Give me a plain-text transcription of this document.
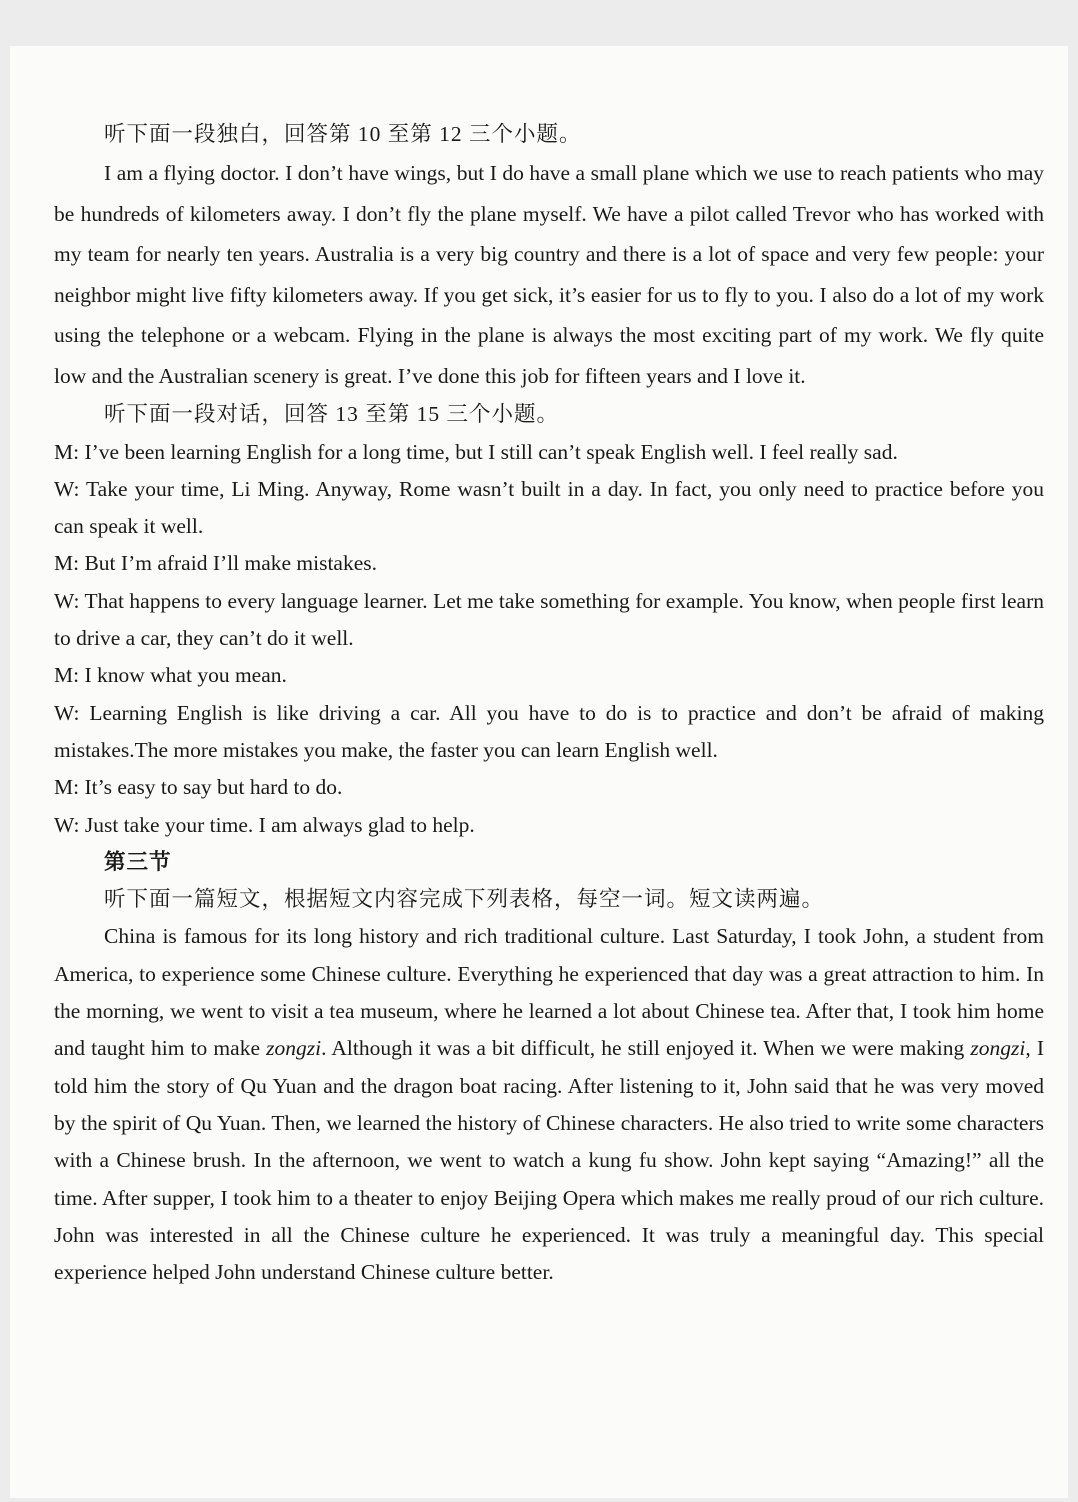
听下面一段独白，回答第 10 至第 12 三个小题。

I am a flying doctor. I don’t have wings, but I do have a small plane which we use to reach patients who may be hundreds of kilometers away. I don’t fly the plane myself. We have a pilot called Trevor who has worked with my team for nearly ten years. Australia is a very big country and there is a lot of space and very few people: your neighbor might live fifty kilometers away. If you get sick, it’s easier for us to fly to you. I also do a lot of my work using the telephone or a webcam. Flying in the plane is always the most exciting part of my work. We fly quite low and the Australian scenery is great. I’ve done this job for fifteen years and I love it.

听下面一段对话，回答 13 至第 15 三个小题。

M: I’ve been learning English for a long time, but I still can’t speak English well. I feel really sad.

W: Take your time, Li Ming. Anyway, Rome wasn’t built in a day. In fact, you only need to practice before you can speak it well.

M: But I’m afraid I’ll make mistakes.

W: That happens to every language learner. Let me take something for example. You know, when people first learn to drive a car, they can’t do it well.

M: I know what you mean.

W: Learning English is like driving a car. All you have to do is to practice and don’t be afraid of making mistakes.The more mistakes you make, the faster you can learn English well.

M: It’s easy to say but hard to do.

W: Just take your time. I am always glad to help.

第三节

听下面一篇短文，根据短文内容完成下列表格，每空一词。短文读两遍。

China is famous for its long history and rich traditional culture. Last Saturday, I took John, a student from America, to experience some Chinese culture. Everything he experienced that day was a great attraction to him. In the morning, we went to visit a tea museum, where he learned a lot about Chinese tea. After that, I took him home and taught him to make zongzi. Although it was a bit difficult, he still enjoyed it. When we were making zongzi, I told him the story of Qu Yuan and the dragon boat racing. After listening to it, John said that he was very moved by the spirit of Qu Yuan. Then, we learned the history of Chinese characters. He also tried to write some characters with a Chinese brush. In the afternoon, we went to watch a kung fu show. John kept saying “Amazing!” all the time. After supper, I took him to a theater to enjoy Beijing Opera which makes me really proud of our rich culture. John was interested in all the Chinese culture he experienced. It was truly a meaningful day. This special experience helped John understand Chinese culture better.
